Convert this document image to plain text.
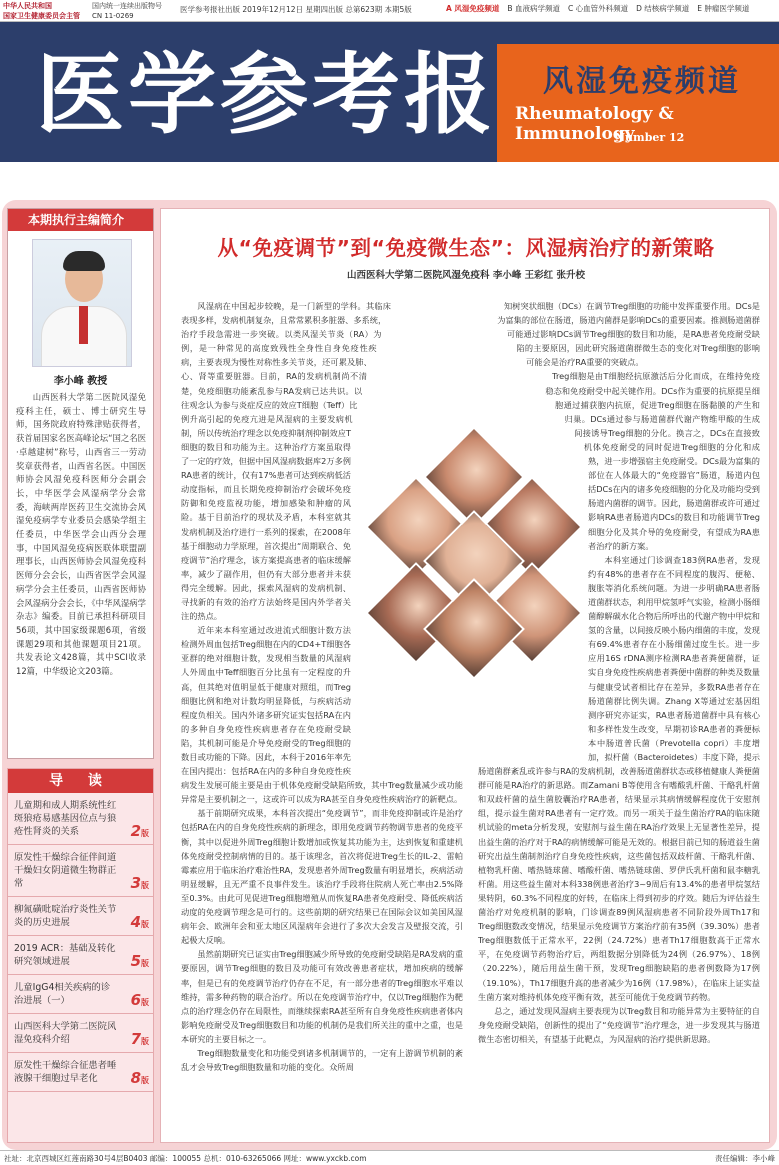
中华人民共和国
国家卫生健康委员会主管
国内统一连续出版物号
CN 11-0269
医学参考报社出版 2019年12月12日 星期四出版 总第623期 本期5版	A 风湿免疫频道 B 血液病学频道 C 心血管外科频道 D 结核病学频道 E 肿瘤医学频道
医学参考报 风湿免疫频道
Rheumatology & Immunology
Number 12
本期执行主编简介
李小峰 教授
山西医科大学第二医院风湿免疫科主任，硕士、博士研究生导师，国务院政府特殊津贴获得者，获首届国家名医高峰论坛“国之名医·卓越建树”称号，山西省三一劳动奖章获得者，山西省名医。中国医师协会风湿免疫科医师分会副会长，中华医学会风湿病学分会常委，海峡两岸医药卫生交流协会风湿免疫病学专业委员会感染学组主任委员，中华医学会山西分会理事，中国风湿免疫病医联体联盟副理事长，山西医师协会风湿免疫科医师分会会长，山西省医学会风湿病学分会主任委员，山西省医师协会风湿病分会会长，《中华风湿病学杂志》编委。目前已承担科研项目56项，其中国家级课题6项，省级课题29项和其他课题项目21项。共发表论文428篇，其中SCI收录12篇，中华级论文203篇。
导 读
儿童期和成人期系统性红斑狼疮易感基因位点与狼疮性肾炎的关系	2版
原发性干燥综合征伴间道干燥妇女阴道微生物群正常	3版
柳氮磺吡啶治疗炎性关节炎的历史进展	4版
2019 ACR：基础及转化研究领域进展	5版
儿童IgG4相关疾病的诊治进展（一）	6版
山西医科大学第二医院风湿免疫科介绍	7版
原发性干燥综合征患者唾液腺干细胞过早老化 8版
从“免疫调节”到“免疫微生态”：风湿病治疗的新策略
山西医科大学第二医院风湿免疫科 李小峰 王彩红 张升校

风湿病在中国起步较晚，是一门新型的学科。其临床表现多样，发病机制复杂，且常常累积多脏器、多系统，治疗手段急需进一步突破。以类风湿关节炎（RA）为例，是一种常见的高度致残性全身性自身免疫性疾病，主要表现为慢性对称性多关节炎，还可累及肺、心、肾等重要脏器。目前，RA的发病机制尚不清楚，免疫细胞功能紊乱参与RA发病已达共识。以往观念认为参与炎症反应的效应T细胞（Teff）比例升高引起的免疫亢进是风湿病的主要发病机制，所以传统治疗理念以免疫抑制剂抑制效应T细胞的数目和功能为主。这种治疗方案虽取得了一定的疗效，但据中国风湿病数据库2万多例RA患者的统计，仅有17%患者可达到疾病低活动度指标，而且长期免疫抑制治疗会破坏免疫防御和免疫监视功能，增加感染和肿瘤的风险。基于目前治疗的现状及矛盾，本科室就其发病机制及治疗进行一系列的探索，在2008年基于细胞动力学原理，首次提出“周期联合、免疫调节”治疗理念，该方案提高患者的临床缓解率，减少了副作用，但仍有大部分患者并未获得完全缓解。因此，探索风湿病的发病机制、寻找新的有效的治疗方法始终是国内外学者关注的热点。

近年来本科室通过改进流式细胞计数方法检测外周血包括Treg细胞在内的CD4+T细胞各亚群的绝对细胞计数，发现相当数量的风湿病人外周血中Teff细胞百分比虽有一定程度的升高，但其绝对值明显低于健康对照组，而Treg细胞比例和绝对计数均明显降低，与疾病活动程度负相关。国内外诸多研究证实包括RA在内的多种自身免疫性疾病患者存在免疫耐受缺陷，其机制可能是介导免疫耐受的Treg细胞的数目或功能的下降。因此，本科于2016年率先在国内提出：包括RA在内的多种自身免疫性疾病发生发展可能主要是由于机体免疫耐受缺陷所致，其中Treg数量减少或功能异常是主要机制之一，这或许可以成为RA甚至自身免疫性疾病治疗的新靶点。

基于前期研究成果，本科首次提出“免疫调节”，而非免疫抑制或许是治疗包括RA在内的自身免疫性疾病的新理念，即用免疫调节药物调节患者的免疫平衡，其中以促进外周Treg细胞计数增加或恢复其功能为主，达到恢复和重建机体免疫耐受控制病情的目的。基于该理念，首次将促进Treg生长的IL-2、雷帕霉素应用于临床治疗难治性RA，发现患者外周Treg数量有明显增长，疾病活动明显缓解，且无严重不良事件发生。该治疗手段将住院病人死亡率由2.5%降至0.3%。由此可见促进Treg细胞增殖从而恢复RA患者免疫耐受、降低疾病活动度的免疫调节理念是可行的。这些前期的研究结果已在国际会议如美国风湿病年会、欧洲年会和亚太地区风湿病年会进行了多次大会发言及壁报交流，引起极大反响。

虽然前期研究已证实由Treg细胞减少所导致的免疫耐受缺陷是RA发病的重要原因，调节Treg细胞的数目及功能可有效改善患者症状，增加疾病的缓解率，但是已有的免疫调节治疗仍存在不足，有一部分患者的Treg细胞水平难以维持，需多种药物的联合治疗。所以在免疫调节治疗中，仅以Treg细胞作为靶点的治疗理念仍存在局限性，而继续探索RA甚至所有自身免疫性疾病患者体内影响免疫耐受及Treg细胞数目和功能的机制仍是我们所关注的重中之重，也是本研究的主要目标之一。

Treg细胞数量变化和功能受到诸多机制调节的，一定有上游调节机制的紊乱才会导致Treg细胞数量和功能的变化。众所周

知树突状细胞（DCs）在调节Treg细胞的功能中发挥重要作用。DCs是为富集的部位在肠道，肠道内菌群是影响DCs的重要因素。推测肠道菌群可能通过影响DCs调节Treg细胞的数目和功能，是RA患者免疫耐受缺陷的主要原因，因此研究肠道菌群微生态的变化对Treg细胞的影响可能会是治疗RA重要的突破点。

Treg细胞是由T细胞经抗原激活后分化而成，在维持免疫稳态和免疫耐受中起关键作用。DCs作为重要的抗原提呈细胞通过捕获胞内抗原，促进Treg细胞在肠黏膜的产生和归巢。DCs通过参与肠道菌群代谢产物维甲酸的生成间接诱导Treg细胞的分化。换言之，DCs在直接致机体免疫耐受的同时促进Treg细胞的分化和成熟，进一步增强宿主免疫耐受。DCs最为富集的部位在人体最大的“免疫器官”肠道，肠道内包括DCs在内的诸多免疫细胞的分化及功能均受到肠道内菌群的调节。因此，肠道菌群或许可通过影响RA患者肠道内DCs的数目和功能调节Treg细胞分化及其介导的免疫耐受，有望成为RA患者治疗的新方案。

本科室通过门诊调查183例RA患者，发现约有48%的患者存在不同程度的腹泻、便秘、腹胀等消化系统问题。为进一步明确RA患者肠道菌群状态，利用甲烷氢呼气实验，检测小肠细菌醇解碳水化合物后所呼出的代谢产物中甲烷和氢的含量，以间接反映小肠内细菌的丰度，发现有69.4%患者存在小肠细菌过度生长。进一步应用16S rDNA测序检测RA患者粪便菌群，证实自身免疫性疾病患者粪便中菌群的种类及数量与健康受试者相比存在差异，多数RA患者存在肠道菌群比例失调。Zhang X等通过宏基因组测序研究亦证实，RA患者肠道菌群中具有核心和多样性发生改变，早期初诊RA患者的粪便标本中肠道普氏菌（Prevotella copri）丰度增加，拟杆菌（Bacteroidetes）丰度下降，提示肠道菌群紊乱或许参与RA的发病机制，改善肠道菌群状态或移植健康人粪便菌群可能是RA治疗的新思路。而Zamani B等使用含有嗜酸乳杆菌、干酪乳杆菌和双歧杆菌的益生菌胶囊治疗RA患者，结果显示其病情缓解程度优于安慰剂组，提示益生菌对RA患者有一定疗效。而另一项关于益生菌治疗RA的临床随机试验的meta分析发现，安慰剂与益生菌在RA治疗效果上无显著性差异，提出益生菌的治疗对于RA的病情缓解可能是无效的。根据目前已知的肠道益生菌研究出益生菌制剂治疗自身免疫性疾病，这些菌包括双歧杆菌、干酪乳杆菌、植物乳杆菌、嗜热链球菌、嗜酸杆菌、嗜热链球菌、罗伊氏乳杆菌和鼠李糖乳杆菌。用这些益生菌对本科338例患者治疗3~9周后有13.4%的患者甲烷氢结果转阴，60.3%不同程度的好转，在临床上得到初步的疗效。随后为评估益生菌治疗对免疫机制的影响，门诊调查89例风湿病患者不同阶段外周Th17和Treg细胞数改变情况，结果显示免疫调节方案治疗前有35例（39.30%）患者Treg细胞数低于正常水平，22例（24.72%）患者Th17细胞数高于正常水平，在免疫调节药物治疗后，两组数据分别降低为24例（26.97%）、18例（20.22%），随后用益生菌干预，发现Treg细胞缺陷的患者例数降为17例（19.10%），Th17细胞升高的患者减少为16例（17.98%），在临床上证实益生菌方案对维持机体免疫平衡有效，甚至可能优于免疫调节药物。

总之，通过发现风湿病主要表现为以Treg数目和功能异常为主要特征的自身免疫耐受缺陷，创新性的提出了“免疫调节”治疗理念，进一步发现其与肠道微生态密切相关，有望基于此靶点，为风湿病的治疗提供新思路。

社址：北京西城区红莲南路30号4层B0403 邮编：100055 总机：010-63265066 网址：www.yxckb.com	责任编辑：李小峰
